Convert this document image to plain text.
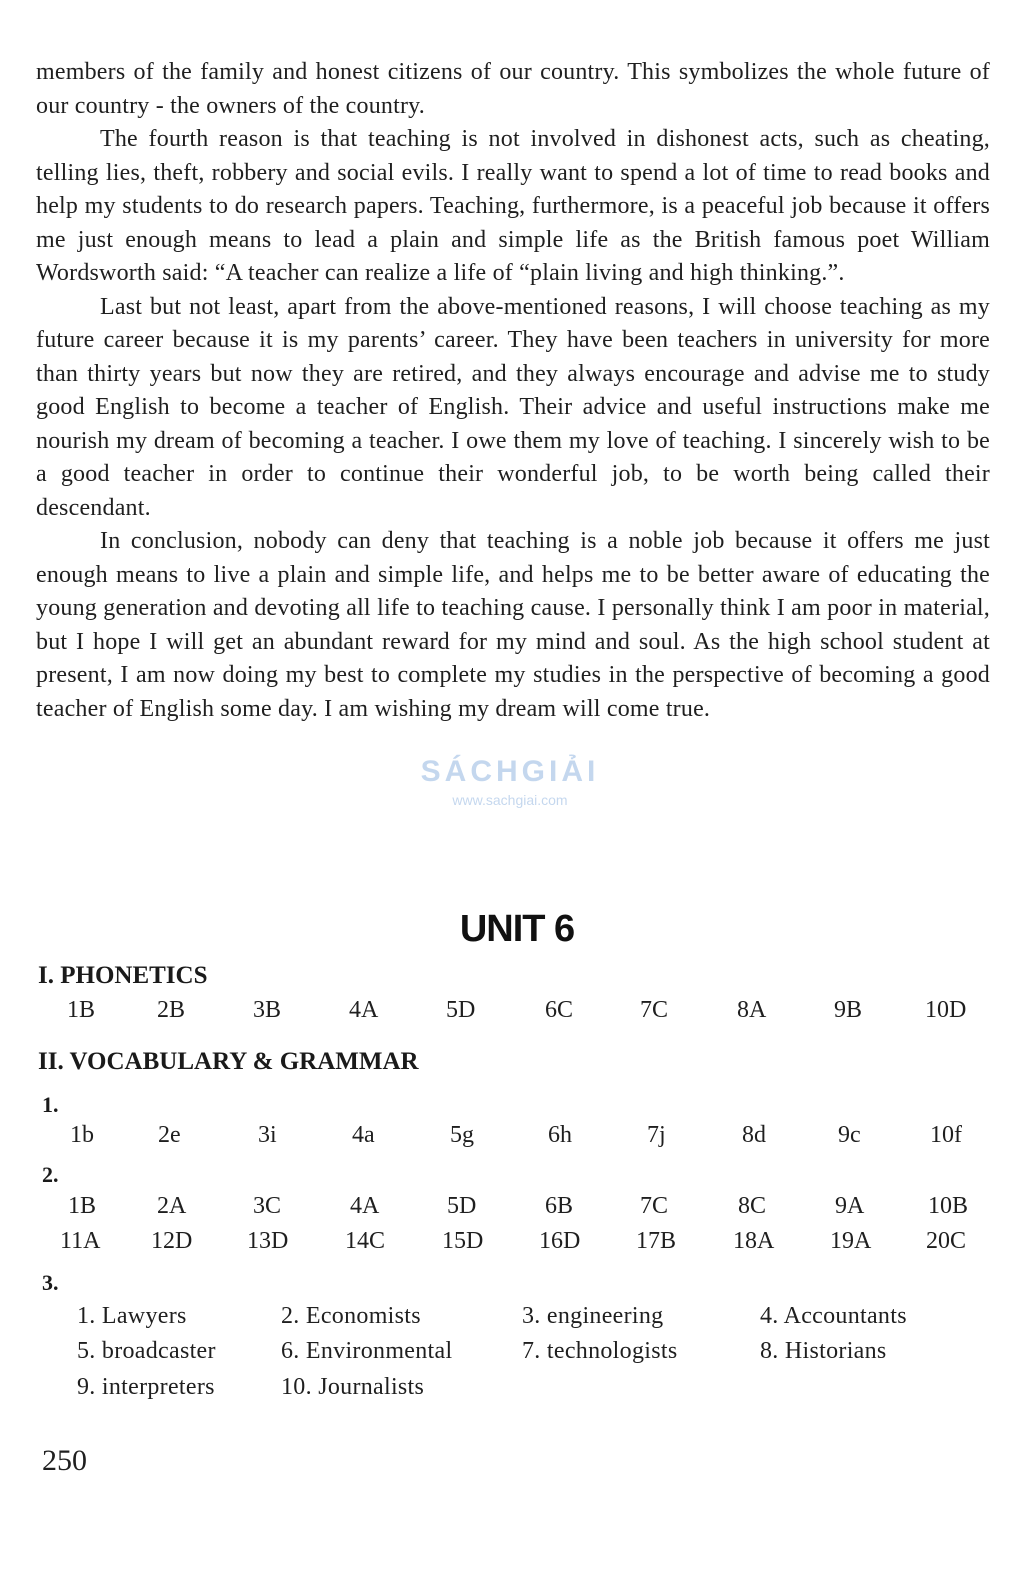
members of the family and honest citizens of our country. This symbolizes the whole future of our country - the owners of the country.

The fourth reason is that teaching is not involved in dishonest acts, such as cheating, telling lies, theft, robbery and social evils. I really want to spend a lot of time to read books and help my students to do research papers. Teaching, furthermore, is a peaceful job because it offers me just enough means to lead a plain and simple life as the British famous poet William Wordsworth said: “A teacher can realize a life of “plain living and high thinking.”.

Last but not least, apart from the above-mentioned reasons, I will choose teaching as my future career because it is my parents’ career. They have been teachers in university for more than thirty years but now they are retired, and they always encourage and advise me to study good English to become a teacher of English. Their advice and useful instructions make me nourish my dream of becoming a teacher. I owe them my love of teaching. I sincerely wish to be a good teacher in order to continue their wonderful job, to be worth being called their descendant.

In conclusion, nobody can deny that teaching is a noble job because it offers me just enough means to live a plain and simple life, and helps me to be better aware of educating the young generation and devoting all life to teaching cause. I personally think I am poor in material, but I hope I will get an abundant reward for my mind and soul. As the high school student at present, I am now doing my best to complete my studies in the perspective of becoming a good teacher of English some day. I am wishing my dream will come true.

SÁCHGIẢI
www.sachgiai.com
UNIT 6
I. PHONETICS
1B	2B	3B	4A	5D	6C	7C	8A	9B	10D
II. VOCABULARY & GRAMMAR
1.
1b	2e	3i	4a	5g	6h	7j	8d	9c	10f
2.
1B	2A	3C	4A	5D	6B	7C	8C	9A	10B
11A 12D 13D 14C 15D 16D 17B 18A 19A 20C
3.
1. Lawyers	2. Economists	3. engineering	4. Accountants
5. broadcaster	6. Environmental	7. technologists	8. Historians
9. interpreters	10. Journalists
250
